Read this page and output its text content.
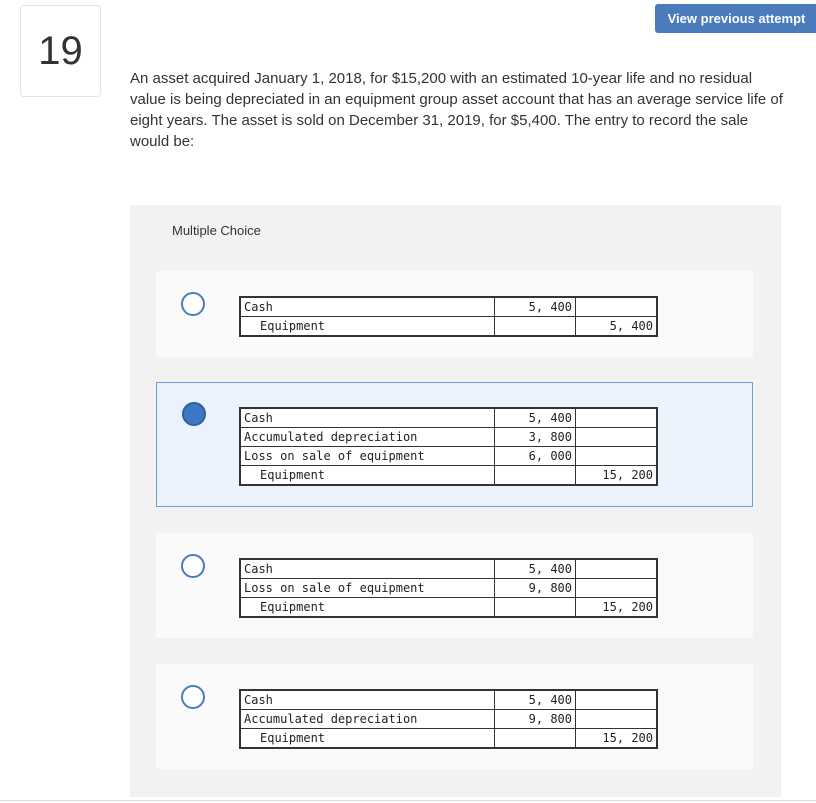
View previous attempt
19
An asset acquired January 1, 2018, for $15,200 with an estimated 10-year life and no residual value is being depreciated in an equipment group asset account that has an average service life of eight years. The asset is sold on December 31, 2019, for $5,400. The entry to record the sale would be:
Multiple Choice
Cash	5, 400	
Equipment		5, 400
Cash	5, 400	
Accumulated depreciation	3, 800	
Loss on sale of equipment	6, 000	
Equipment		15, 200
Cash	5, 400	
Loss on sale of equipment	9, 800	
Equipment		15, 200
Cash	5, 400	
Accumulated depreciation	9, 800	
Equipment		15, 200
